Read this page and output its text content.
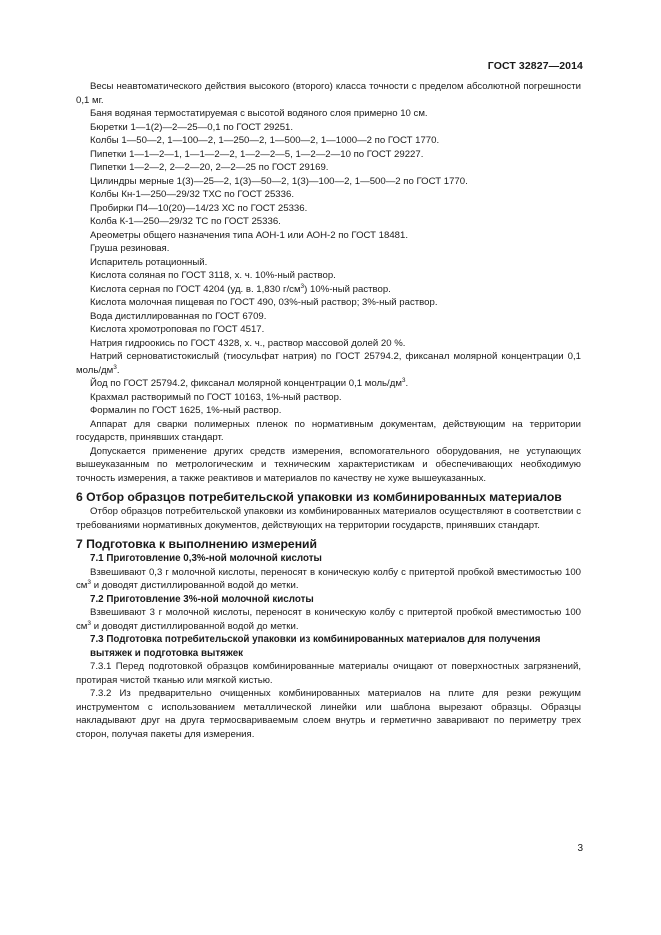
ГОСТ 32827—2014

Весы неавтоматического действия высокого (второго) класса точности с пределом абсолютной погрешности 0,1 мг.

Баня водяная термостатируемая с высотой водяного слоя примерно 10 см.

Бюретки 1—1(2)—2—25—0,1 по ГОСТ 29251.

Колбы 1—50—2, 1—100—2, 1—250—2, 1—500—2, 1—1000—2 по ГОСТ 1770.

Пипетки 1—1—2—1, 1—1—2—2, 1—2—2—5, 1—2—2—10 по ГОСТ 29227.

Пипетки 1—2—2, 2—2—20, 2—2—25 по ГОСТ 29169.

Цилиндры мерные 1(3)—25—2, 1(3)—50—2, 1(3)—100—2, 1—500—2 по ГОСТ 1770.

Колбы Кн-1—250—29/32 ТХС по ГОСТ 25336.

Пробирки П4—10(20)—14/23 ХС по ГОСТ 25336.

Колба К-1—250—29/32 ТС по ГОСТ 25336.

Ареометры общего назначения типа АОН-1 или АОН-2 по ГОСТ 18481.

Груша резиновая.

Испаритель ротационный.

Кислота соляная по ГОСТ 3118, х. ч. 10%-ный раствор.

Кислота серная по ГОСТ 4204 (уд. в. 1,830 $г/см^3$) 10%-ный раствор.

Кислота молочная пищевая по ГОСТ 490, 03%-ный раствор; 3%-ный раствор.

Вода дистиллированная по ГОСТ 6709.

Кислота хромотроповая по ГОСТ 4517.

Натрия гидроокись по ГОСТ 4328, х. ч., раствор массовой долей 20 %.

Натрий серноватистокислый (тиосульфат натрия) по ГОСТ 25794.2, фиксанал молярной концентрации 0,1 моль/$дм^3$.

Йод по ГОСТ 25794.2, фиксанал молярной концентрации 0,1 моль/$дм^3$.

Крахмал растворимый по ГОСТ 10163, 1%-ный раствор.

Формалин по ГОСТ 1625, 1%-ный раствор.

Аппарат для сварки полимерных пленок по нормативным документам, действующим на территории государств, принявших стандарт.

Допускается применение других средств измерения, вспомогательного оборудования, не уступающих вышеуказанным по метрологическим и техническим характеристикам и обеспечивающих необходимую точность измерения, а также реактивов и материалов по качеству не хуже вышеуказанных.

6 Отбор образцов потребительской упаковки из комбинированных материалов

Отбор образцов потребительской упаковки из комбинированных материалов осуществляют в соответствии с требованиями нормативных документов, действующих на территории государств, принявших стандарт.

7 Подготовка к выполнению измерений

7.1 Приготовление 0,3%-ной молочной кислоты

Взвешивают 0,3 г молочной кислоты, переносят в коническую колбу с притертой пробкой вместимостью 100 $см^3$ и доводят дистиллированной водой до метки.

7.2 Приготовление 3%-ной молочной кислоты

Взвешивают 3 г молочной кислоты, переносят в коническую колбу с притертой пробкой вместимостью 100 $см^3$ и доводят дистиллированной водой до метки.

7.3 Подготовка потребительской упаковки из комбинированных материалов для получения вытяжек и подготовка вытяжек

7.3.1 Перед подготовкой образцов комбинированные материалы очищают от поверхностных загрязнений, протирая чистой тканью или мягкой кистью.

7.3.2 Из предварительно очищенных комбинированных материалов на плите для резки режущим инструментом с использованием металлической линейки или шаблона вырезают образцы. Образцы накладывают друг на друга термосвариваемым слоем внутрь и герметично заваривают по периметру трех сторон, получая пакеты для измерения.

3
